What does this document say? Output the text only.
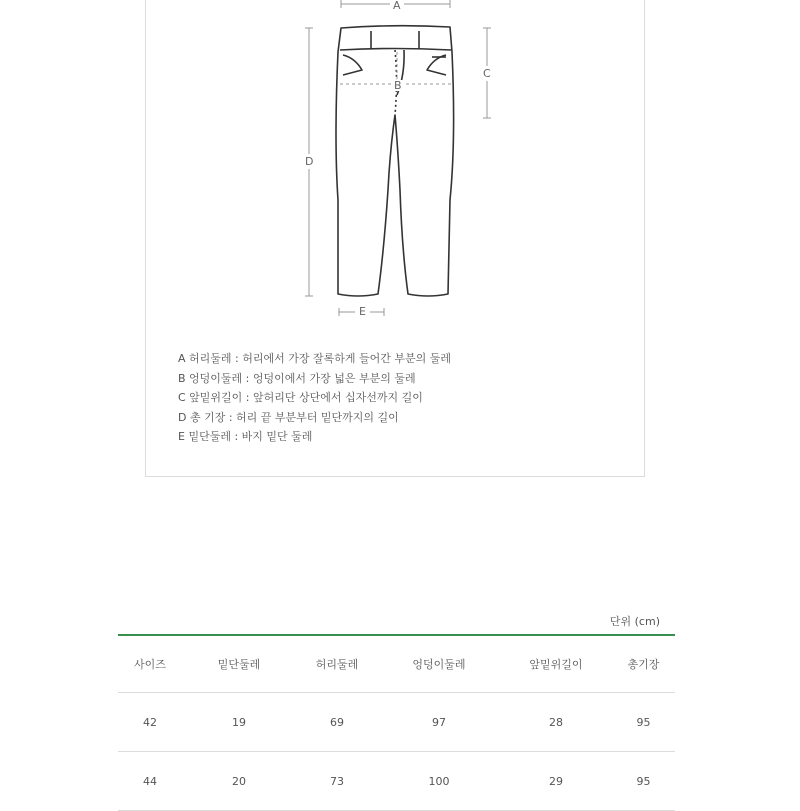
A
B
C
D
E
A 허리둘레 : 허리에서 가장 잘록하게 들어간 부분의 둘레
B 엉덩이둘레 : 엉덩이에서 가장 넓은 부분의 둘레
C 앞밑위길이 : 앞허리단 상단에서 십자선까지 길이
D 총 기장 : 허리 끝 부분부터 밑단까지의 길이
E 밑단둘레 : 바지 밑단 둘레
단위 (cm)
사이즈	밑단둘레	허리둘레	엉덩이둘레	앞밑위길이	총기장
42	19	69	97	28	95
44	20	73	100	29	95
